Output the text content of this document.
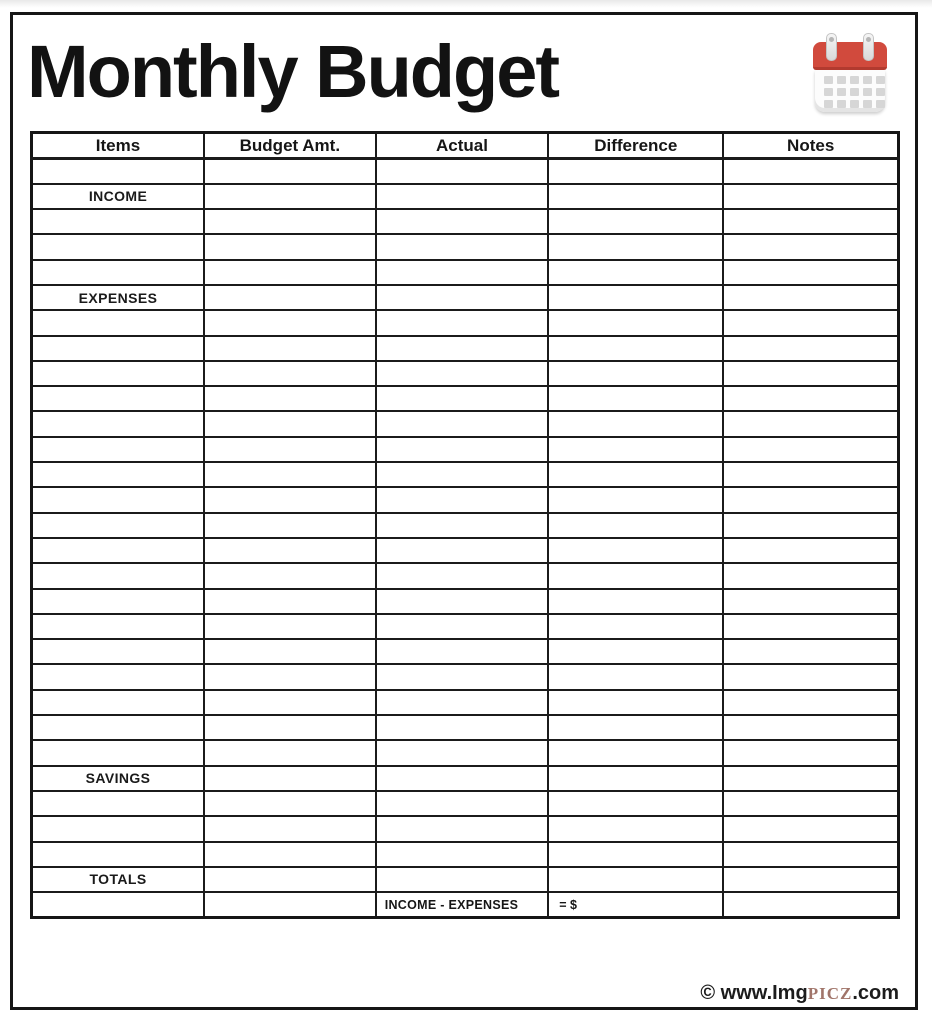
Monthly Budget
Items	Budget Amt.	Actual	Difference	Notes

INCOME				

EXPENSES				

SAVINGS				

TOTALS				
		INCOME - EXPENSES	= $	
© www.ImgPICZ.com
